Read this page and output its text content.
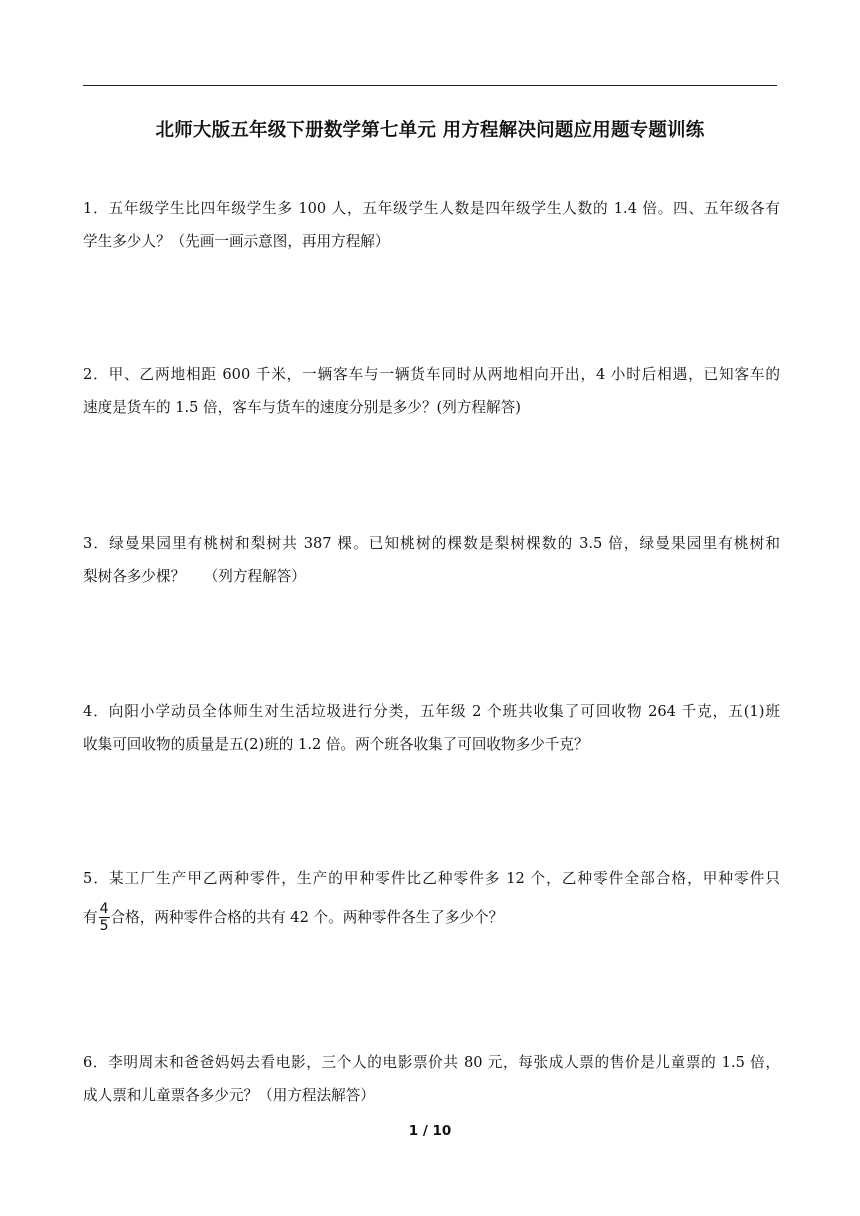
北师大版五年级下册数学第七单元 用方程解决问题应用题专题训练
1．五年级学生比四年级学生多 100 人，五年级学生人数是四年级学生人数的 1.4 倍。四、五年级各有
学生多少人？（先画一画示意图，再用方程解）
2．甲、乙两地相距 600 千米，一辆客车与一辆货车同时从两地相向开出，4 小时后相遇，已知客车的
速度是货车的 1.5 倍，客车与货车的速度分别是多少？(列方程解答)
3．绿曼果园里有桃树和梨树共 387 棵。已知桃树的棵数是梨树棵数的 3.5 倍，绿曼果园里有桃树和
梨树各多少棵？    （列方程解答）
4．向阳小学动员全体师生对生活垃圾进行分类，五年级 2 个班共收集了可回收物 264 千克，五(1)班
收集可回收物的质量是五(2)班的 1.2 倍。两个班各收集了可回收物多少千克？
5．某工厂生产甲乙两种零件，生产的甲种零件比乙种零件多 12 个，乙种零件全部合格，甲种零件只
有 $\frac{4}{5}$ 合格，两种零件合格的共有 42 个。两种零件各生了多少个？
6．李明周末和爸爸妈妈去看电影，三个人的电影票价共 80 元，每张成人票的售价是儿童票的 1.5 倍，
成人票和儿童票各多少元？（用方程法解答）
1 / 10
